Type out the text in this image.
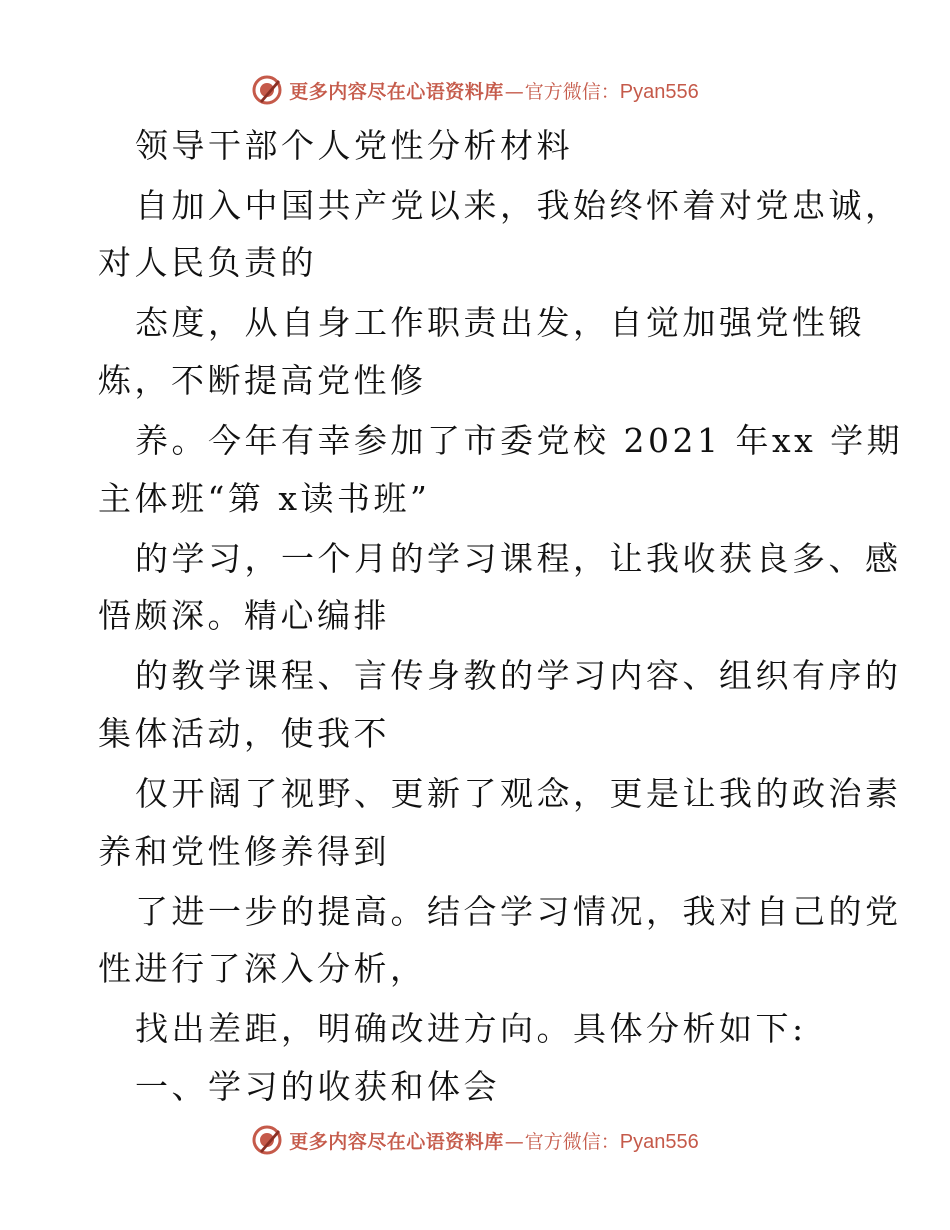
更多内容尽在心语资料库 — 官方微信： Pyan556

领导干部个人党性分析材料

自加入中国共产党以来，我始终怀着对党忠诚，

对人民负责的

态度，从自身工作职责出发，自觉加强党性锻

炼，不断提高党性修

养。今年有幸参加了市委党校 2021 年xx 学期

主体班“第 x读书班”

的学习，一个月的学习课程，让我收获良多、感

悟颇深。精心编排

的教学课程、言传身教的学习内容、组织有序的

集体活动，使我不

仅开阔了视野、更新了观念，更是让我的政治素

养和党性修养得到

了进一步的提高。结合学习情况，我对自己的党

性进行了深入分析，

找出差距，明确改进方向。具体分析如下:

一、学习的收获和体会

更多内容尽在心语资料库 — 官方微信： Pyan556
